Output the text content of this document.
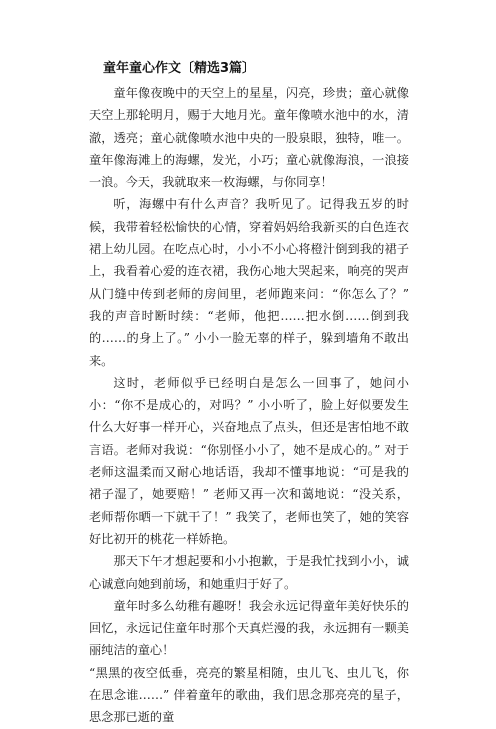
童年童心作文〔精选3篇〕

童年像夜晚中的天空上的星星，闪亮，珍贵；童心就像天空上那轮明月，赐于大地月光。童年像喷水池中的水，清澈，透亮；童心就像喷水池中央的一股泉眼，独特，唯一。童年像海滩上的海螺，发光，小巧；童心就像海浪，一浪接一浪。今天，我就取来一枚海螺，与你同享！

听，海螺中有什么声音？我听见了。记得我五岁的时候，我带着轻松愉快的心情，穿着妈妈给我新买的白色连衣裙上幼儿园。在吃点心时，小小不小心将橙汁倒到我的裙子上，我看着心爱的连衣裙，我伤心地大哭起来，响亮的哭声从门缝中传到老师的房间里，老师跑来问：“你怎么了？” 我的声音时断时续：“老师，他把……把水倒……倒到我的……的身上了。” 小小一脸无辜的样子，躲到墙角不敢出来。

这时，老师似乎已经明白是怎么一回事了，她问小小：“你不是成心的，对吗？” 小小听了，脸上好似要发生什么大好事一样开心，兴奋地点了点头，但还是害怕地不敢言语。老师对我说：“你别怪小小了，她不是成心的。” 对于老师这温柔而又耐心地话语，我却不懂事地说：“可是我的裙子湿了，她要赔！” 老师又再一次和蔼地说：“没关系，老师帮你晒一下就干了！” 我笑了，老师也笑了，她的笑容好比初开的桃花一样娇艳。

那天下午才想起要和小小抱歉，于是我忙找到小小，诚心诚意向她到前场，和她重归于好了。

童年时多么幼稚有趣呀！我会永远记得童年美好快乐的回忆，永远记住童年时那个天真烂漫的我，永远拥有一颗美丽纯洁的童心！

“黑黑的夜空低垂，亮亮的繁星相随，虫儿飞、虫儿飞，你在思念谁……” 伴着童年的歌曲，我们思念那亮亮的星子，思念那已逝的童
